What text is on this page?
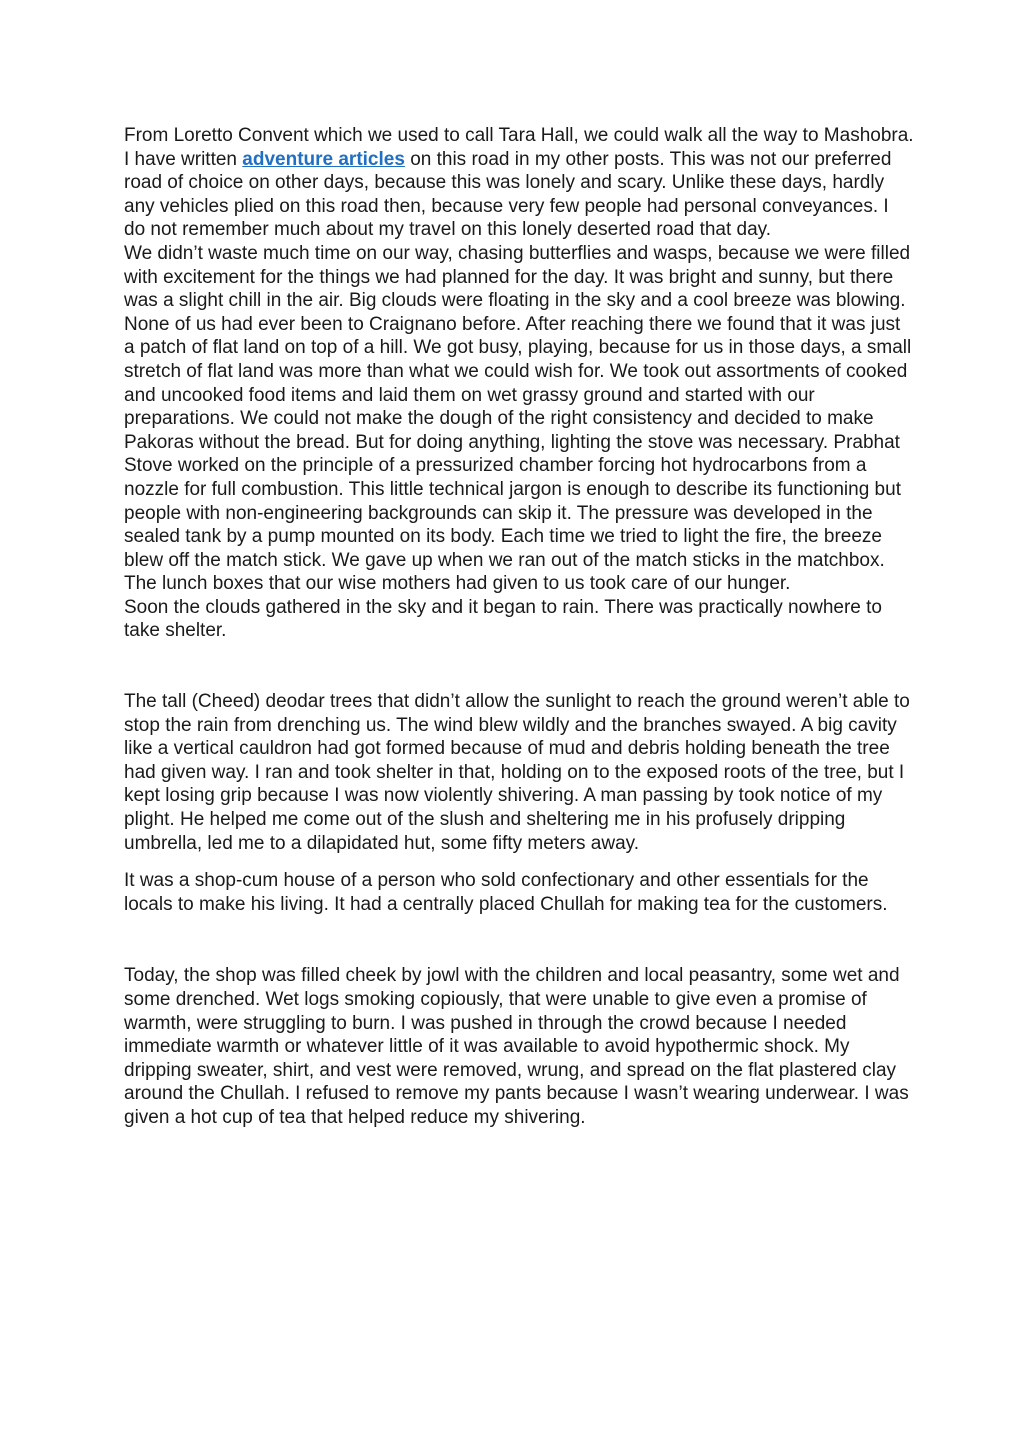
From Loretto Convent which we used to call Tara Hall, we could walk all the way to Mashobra. I have written adventure articles on this road in my other posts. This was not our preferred road of choice on other days, because this was lonely and scary. Unlike these days, hardly any vehicles plied on this road then, because very few people had personal conveyances. I do not remember much about my travel on this lonely deserted road that day.

We didn’t waste much time on our way, chasing butterflies and wasps, because we were filled with excitement for the things we had planned for the day. It was bright and sunny, but there was a slight chill in the air. Big clouds were floating in the sky and a cool breeze was blowing.

None of us had ever been to Craignano before. After reaching there we found that it was just a patch of flat land on top of a hill. We got busy, playing, because for us in those days, a small stretch of flat land was more than what we could wish for. We took out assortments of cooked and uncooked food items and laid them on wet grassy ground and started with our preparations. We could not make the dough of the right consistency and decided to make Pakoras without the bread. But for doing anything, lighting the stove was necessary. Prabhat Stove worked on the principle of a pressurized chamber forcing hot hydrocarbons from a nozzle for full combustion. This little technical jargon is enough to describe its functioning but people with non-engineering backgrounds can skip it. The pressure was developed in the sealed tank by a pump mounted on its body. Each time we tried to light the fire, the breeze blew off the match stick. We gave up when we ran out of the match sticks in the matchbox. The lunch boxes that our wise mothers had given to us took care of our hunger.

Soon the clouds gathered in the sky and it began to rain. There was practically nowhere to take shelter.

The tall (Cheed) deodar trees that didn’t allow the sunlight to reach the ground weren’t able to stop the rain from drenching us. The wind blew wildly and the branches swayed. A big cavity like a vertical cauldron had got formed because of mud and debris holding beneath the tree had given way. I ran and took shelter in that, holding on to the exposed roots of the tree, but I kept losing grip because I was now violently shivering. A man passing by took notice of my plight. He helped me come out of the slush and sheltering me in his profusely dripping umbrella, led me to a dilapidated hut, some fifty meters away.

It was a shop-cum house of a person who sold confectionary and other essentials for the locals to make his living. It had a centrally placed Chullah for making tea for the customers.

Today, the shop was filled cheek by jowl with the children and local peasantry, some wet and some drenched. Wet logs smoking copiously, that were unable to give even a promise of warmth, were struggling to burn. I was pushed in through the crowd because I needed immediate warmth or whatever little of it was available to avoid hypothermic shock. My dripping sweater, shirt, and vest were removed, wrung, and spread on the flat plastered clay around the Chullah. I refused to remove my pants because I wasn’t wearing underwear. I was given a hot cup of tea that helped reduce my shivering.
